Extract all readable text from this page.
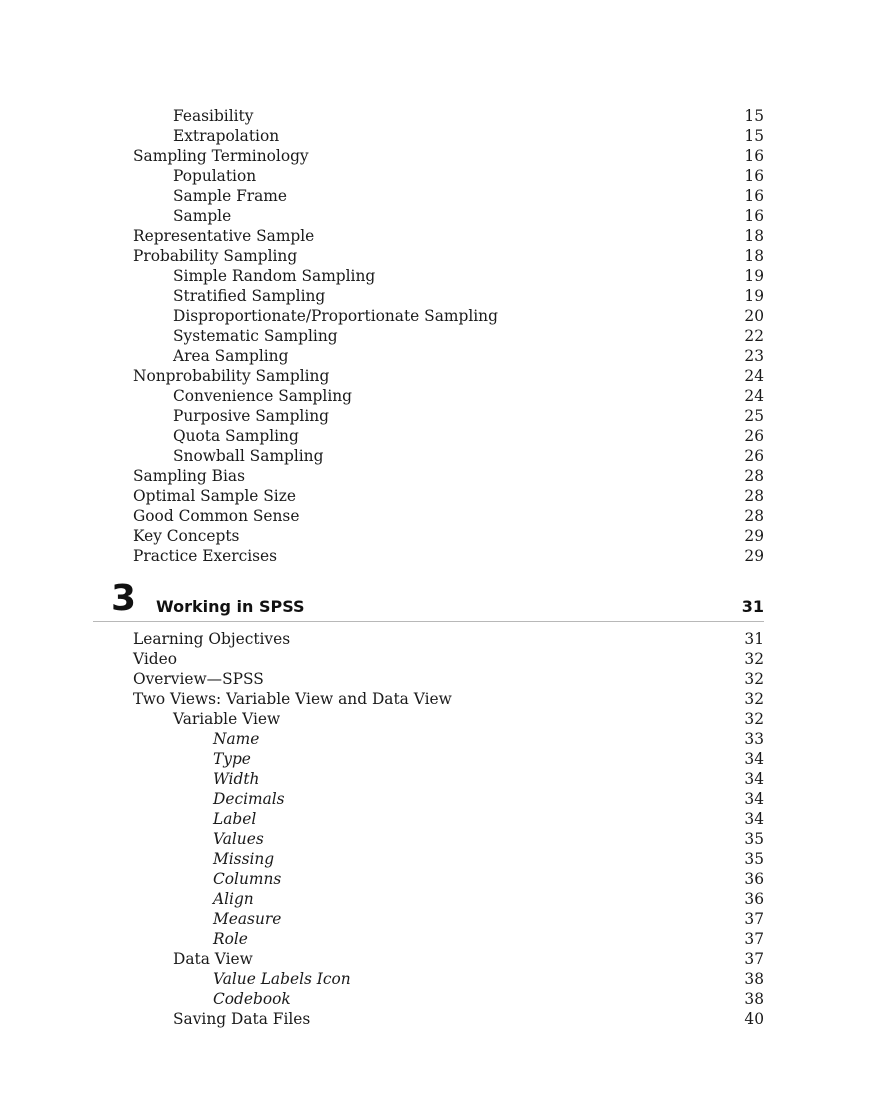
Feasibility	15
Extrapolation	15
Sampling Terminology	16
Population	16
Sample Frame	16
Sample	16
Representative Sample	18
Probability Sampling	18
Simple Random Sampling	19
Stratified Sampling	19
Disproportionate/Proportionate Sampling	20
Systematic Sampling	22
Area Sampling	23
Nonprobability Sampling	24
Convenience Sampling	24
Purposive Sampling	25
Quota Sampling	26
Snowball Sampling	26
Sampling Bias	28
Optimal Sample Size	28
Good Common Sense	28
Key Concepts	29
Practice Exercises	29
3 Working in SPSS	31
Learning Objectives	31
Video	32
Overview—SPSS	32
Two Views: Variable View and Data View	32
Variable View	32
Name	33
Type	34
Width	34
Decimals	34
Label	34
Values	35
Missing	35
Columns	36
Align	36
Measure	37
Role	37
Data View	37
Value Labels Icon	38
Codebook	38
Saving Data Files	40
